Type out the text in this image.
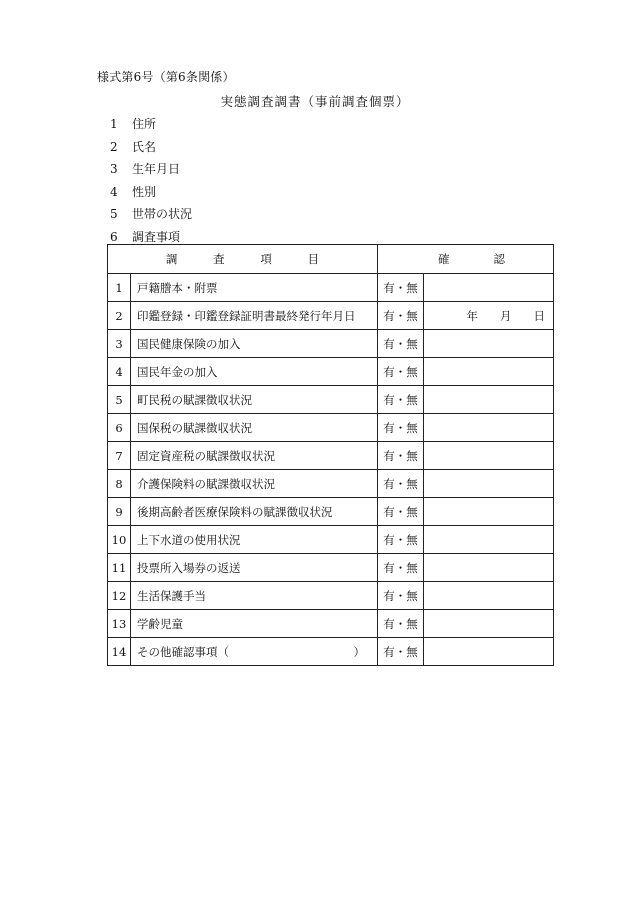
様式第6号（第6条関係）
実態調査調書（事前調査個票）
1	住所
2	氏名
3	生年月日
4	性別
5	世帯の状況
6	調査事項
調 査 項 目		確 認	

1	戸籍謄本・附票	有・無	
2	印鑑登録・印鑑登録証明書最終発行年月日	有・無	年 月 日

3	国民健康保険の加入	有・無	
4	国民年金の加入	有・無	
5	町民税の賦課徴収状況	有・無	
6	国保税の賦課徴収状況	有・無	
7	固定資産税の賦課徴収状況	有・無	
8	介護保険料の賦課徴収状況	有・無	
9	後期高齢者医療保険料の賦課徴収状況	有・無	
10	上下水道の使用状況	有・無	
11	投票所入場券の返送	有・無	
12	生活保護手当	有・無	
13	学齢児童	有・無	
14	その他確認事項（ ）	有・無	
